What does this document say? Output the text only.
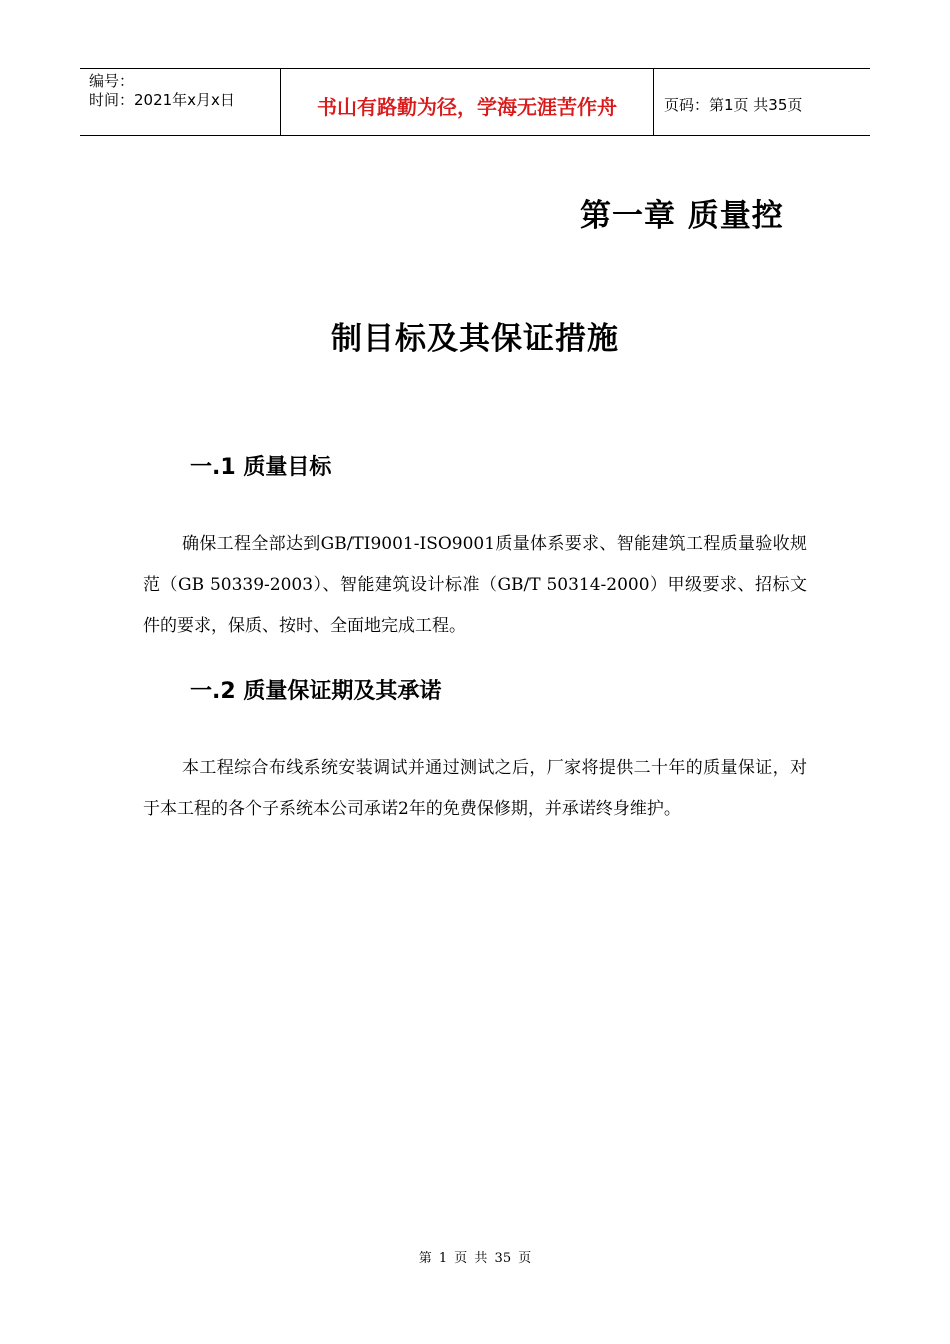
编号：
时间：2021年x月x日	书山有路勤为径，学海无涯苦作舟	页码：第1页 共35页
第一章 质量控
制目标及其保证措施
一.1 质量目标
确保工程全部达到GB/TI9001-ISO9001质量体系要求、智能建筑工程质量验收规范（GB 50339-2003）、智能建筑设计标准（GB/T 50314-2000）甲级要求、招标文件的要求，保质、按时、全面地完成工程。
一.2 质量保证期及其承诺
本工程综合布线系统安装调试并通过测试之后，厂家将提供二十年的质量保证，对于本工程的各个子系统本公司承诺2年的免费保修期，并承诺终身维护。
第 1 页 共 35 页
